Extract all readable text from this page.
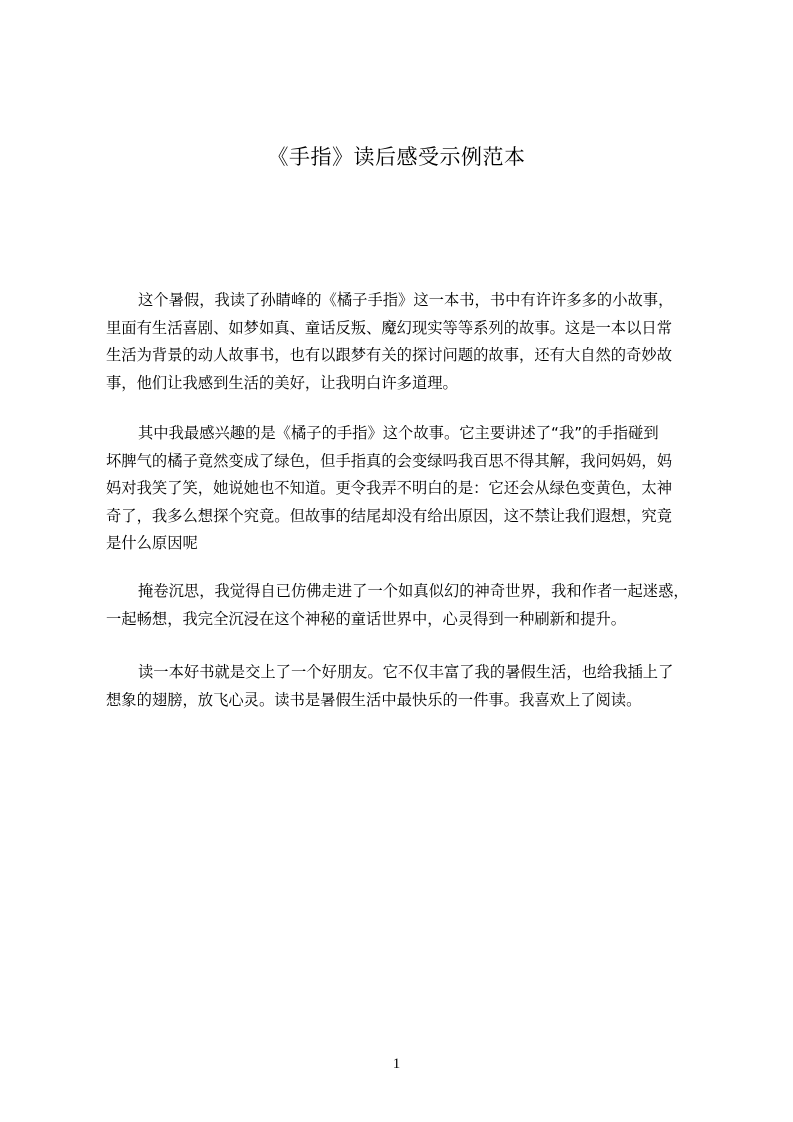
《手指》读后感受示例范本

这个暑假，我读了孙睛峰的《橘子手指》这一本书，书中有许许多多的小故事，
里面有生活喜剧、如梦如真、童话反叛、魔幻现实等等系列的故事。这是一本以日常
生活为背景的动人故事书，也有以跟梦有关的探讨问题的故事，还有大自然的奇妙故
事，他们让我感到生活的美好，让我明白许多道理。

其中我最感兴趣的是《橘子的手指》这个故事。它主要讲述了“我”的手指碰到
坏脾气的橘子竟然变成了绿色，但手指真的会变绿吗我百思不得其解，我问妈妈，妈
妈对我笑了笑，她说她也不知道。更令我弄不明白的是：它还会从绿色变黄色，太神
奇了，我多么想探个究竟。但故事的结尾却没有给出原因，这不禁让我们遐想，究竟
是什么原因呢

掩卷沉思，我觉得自已仿佛走进了一个如真似幻的神奇世界，我和作者一起迷惑，
一起畅想，我完全沉浸在这个神秘的童话世界中，心灵得到一种刷新和提升。

读一本好书就是交上了一个好朋友。它不仅丰富了我的暑假生活，也给我插上了
想象的翅膀，放飞心灵。读书是暑假生活中最快乐的一件事。我喜欢上了阅读。

1
